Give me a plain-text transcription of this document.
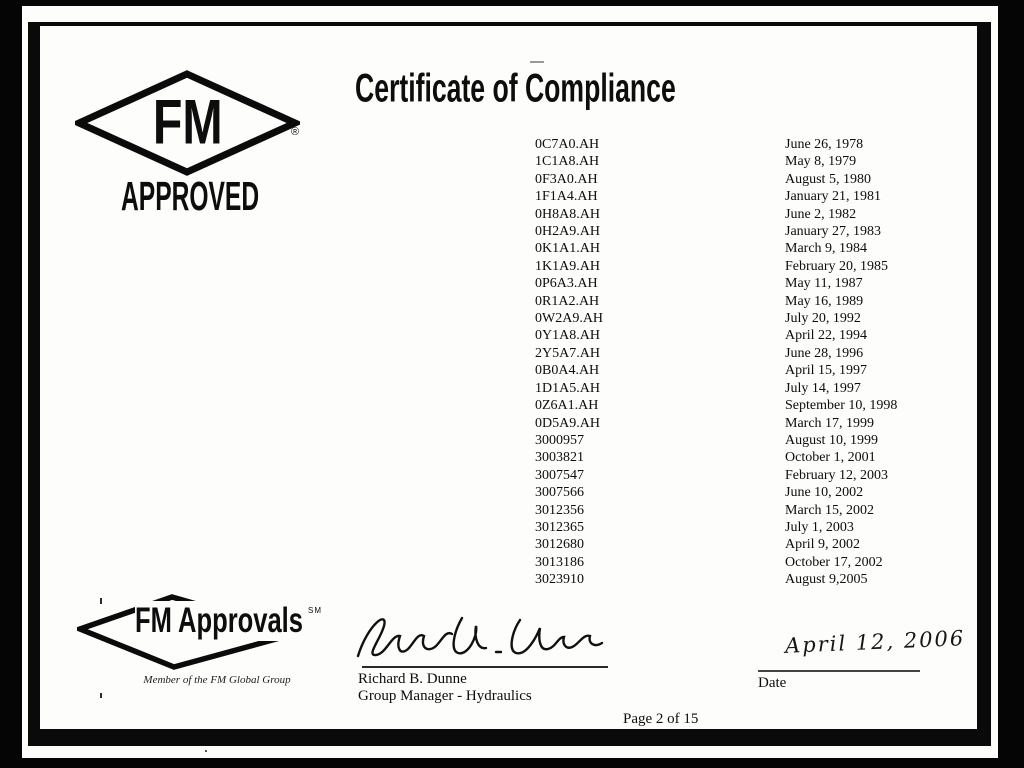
FM	®
APPROVED
Certificate of Compliance
0C7A0.AH	June 26, 1978
1C1A8.AH	May 8, 1979
0F3A0.AH	August 5, 1980
1F1A4.AH	January 21, 1981
0H8A8.AH	June 2, 1982
0H2A9.AH	January 27, 1983
0K1A1.AH	March 9, 1984
1K1A9.AH	February 20, 1985
0P6A3.AH	May 11, 1987
0R1A2.AH	May 16, 1989
0W2A9.AH	July 20, 1992
0Y1A8.AH	April 22, 1994
2Y5A7.AH	June 28, 1996
0B0A4.AH	April 15, 1997
1D1A5.AH	July 14, 1997
0Z6A1.AH	September 10, 1998
0D5A9.AH	March 17, 1999
3000957	August 10, 1999
3003821	October 1, 2001
3007547	February 12, 2003
3007566	June 10, 2002
3012356	March 15, 2002
3012365	July 1, 2003
3012680	April 9, 2002
3013186	October 17, 2002
3023910	August 9,2005
FM Approvals SM
Member of the FM Global Group	Richard B. Dunne
Group Manager - Hydraulics
April 12, 2006
Date
Page 2 of 15
